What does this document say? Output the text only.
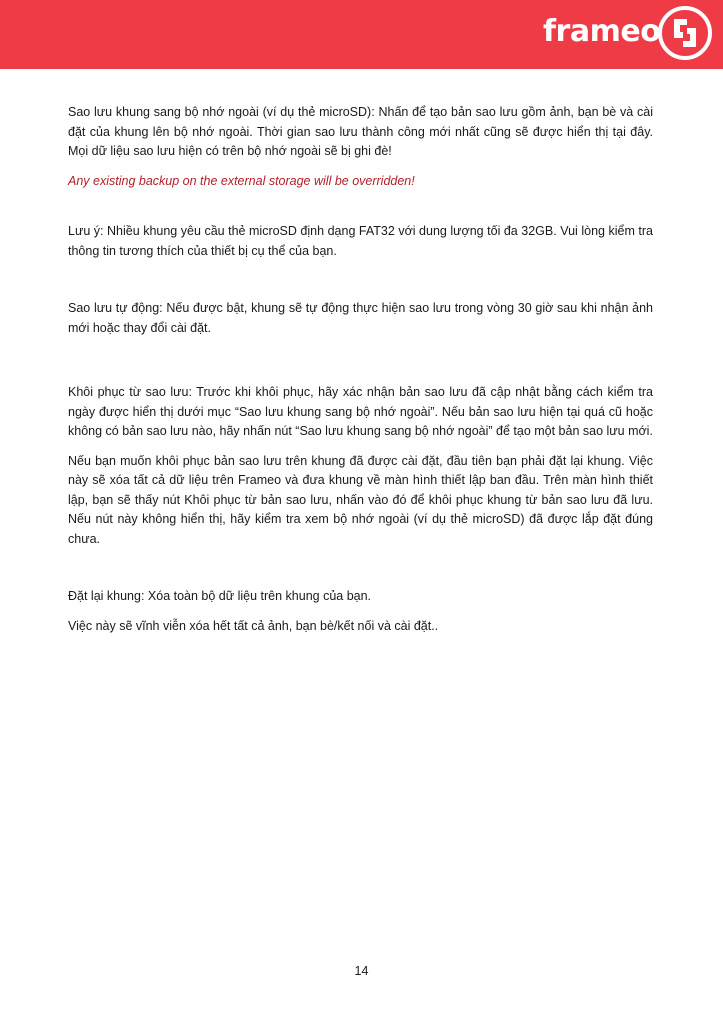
frameo

Sao lưu khung sang bộ nhớ ngoài (ví dụ thẻ microSD): Nhấn để tạo bản sao lưu gồm ảnh, bạn bè và cài đặt của khung lên bộ nhớ ngoài. Thời gian sao lưu thành công mới nhất cũng sẽ được hiển thị tại đây. Mọi dữ liệu sao lưu hiện có trên bộ nhớ ngoài sẽ bị ghi đè!

Any existing backup on the external storage will be overridden!

Lưu ý: Nhiều khung yêu cầu thẻ microSD định dạng FAT32 với dung lượng tối đa 32GB. Vui lòng kiểm tra thông tin tương thích của thiết bị cụ thể của bạn.

Sao lưu tự động: Nếu được bật, khung sẽ tự động thực hiện sao lưu trong vòng 30 giờ sau khi nhận ảnh mới hoặc thay đổi cài đặt.

Khôi phục từ sao lưu: Trước khi khôi phục, hãy xác nhận bản sao lưu đã cập nhật bằng cách kiểm tra ngày được hiển thị dưới mục “Sao lưu khung sang bộ nhớ ngoài”. Nếu bản sao lưu hiện tại quá cũ hoặc không có bản sao lưu nào, hãy nhấn nút “Sao lưu khung sang bộ nhớ ngoài” để tạo một bản sao lưu mới.

Nếu bạn muốn khôi phục bản sao lưu trên khung đã được cài đặt, đầu tiên bạn phải đặt lại khung. Việc này sẽ xóa tất cả dữ liệu trên Frameo và đưa khung về màn hình thiết lập ban đầu. Trên màn hình thiết lập, bạn sẽ thấy nút Khôi phục từ bản sao lưu, nhấn vào đó để khôi phục khung từ bản sao lưu đã lưu. Nếu nút này không hiển thị, hãy kiểm tra xem bộ nhớ ngoài (ví dụ thẻ microSD) đã được lắp đặt đúng chưa.

Đặt lại khung: Xóa toàn bộ dữ liệu trên khung của bạn.

Việc này sẽ vĩnh viễn xóa hết tất cả ảnh, bạn bè/kết nối và cài đặt..

14
